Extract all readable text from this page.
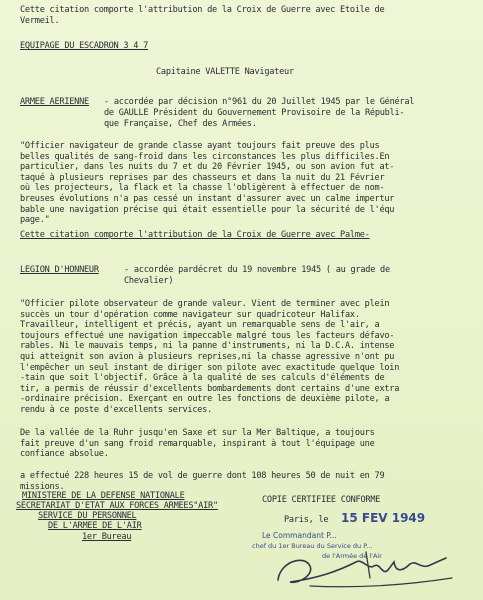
Cette citation comporte l'attribution de la Croix de Guerre avec Etoile de
Vermeil.
EQUIPAGE DU ESCADRON 3 4 7
Capitaine VALETTE Navigateur
ARMEE AERIENNE - accordée par décision n°961 du 20 Juillet 1945 par le Général
de GAULLE Président du Gouvernement Provisoire de la Républi-
que Française, Chef des Armées.
"Officier navigateur de grande classe ayant toujours fait preuve des plus
belles qualités de sang-froid dans les circonstances les plus difficiles.En
particulier, dans les nuits du 7 et du 20 Février 1945, ou son avion fut at-
taqué à plusieurs reprises par des chasseurs et dans la nuit du 21 Février
où les projecteurs, la flack et la chasse l'obligèrent à effectuer de nom-
breuses évolutions n'a pas cessé un instant d'assurer avec un calme impertur
bable une navigation précise qui était essentielle pour la sécurité de l'équ
page."
Cette citation comporte l'attribution de la Croix de Guerre avec Palme-
LEGION D'HONNEUR	- accordée pardécret du 19 novembre 1945 ( au grade de
Chevalier)
"Officier pilote observateur de grande valeur. Vient de terminer avec plein
succès un tour d'opération comme navigateur sur quadricoteur Halifax.
Travailleur, intelligent et précis, ayant un remarquable sens de l'air, a
toujours effectué une navigation impeccable malgré tous les facteurs défavo-
rables. Ni le mauvais temps, ni la panne d'instruments, ni la D.C.A. intense
qui atteignit son avion à plusieurs reprises,ni la chasse agressive n'ont pu
l'empêcher un seul instant de diriger son pilote avec exactitude quelque loin
-tain que soit l'objectif. Grâce à la qualité de ses calculs d'éléments de
tir, a permis de réussir d'excellents bombardements dont certains d'une extra
-ordinaire précision. Exerçant en outre les fonctions de deuxième pilote, a
rendu à ce poste d'excellents services.
De la vallée de la Ruhr jusqu'en Saxe et sur la Mer Baltique, a toujours
fait preuve d'un sang froid remarquable, inspirant à tout l'équipage une
confiance absolue.
a effectué 228 heures 15 de vol de guerre dont 108 heures 50 de nuit en 79
missions.
MINISTERE DE LA DEFENSE NATIONALE
SECRETARIAT D'ETAT AUX FORCES ARMEES"AIR"
SERVICE DU PERSONNEL
DE L'ARMEE DE L'AIR
1er Bureau
COPIE CERTIFIEE CONFORME
Paris, le 15 FEV 1949
Le Commandant P...
chef du 1er Bureau du Service du P...
de l'Armée de l'Air
